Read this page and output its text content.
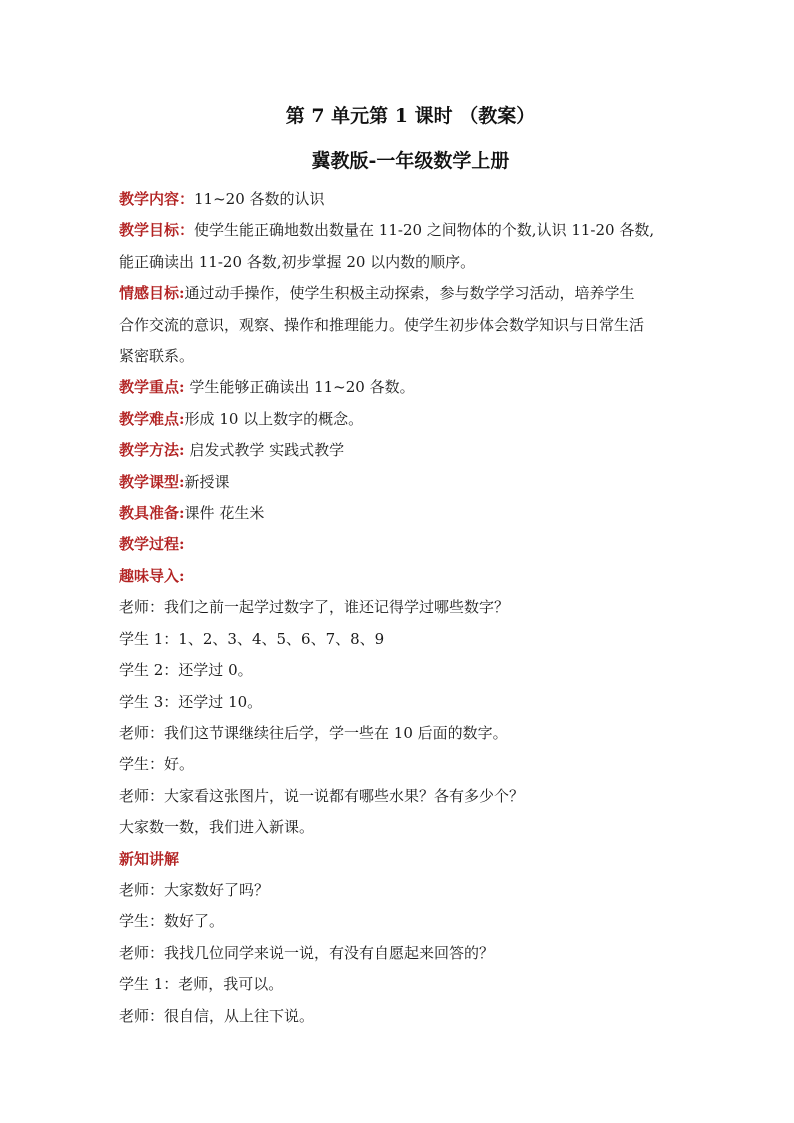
第 7 单元第 1 课时 （教案）
冀教版-一年级数学上册

教学内容：11~20 各数的认识

教学目标：使学生能正确地数出数量在 11-20 之间物体的个数,认识 11-20 各数,

能正确读出 11-20 各数,初步掌握 20 以内数的顺序。

情感目标:通过动手操作，使学生积极主动探索，参与数学学习活动，培养学生

合作交流的意识，观察、操作和推理能力。使学生初步体会数学知识与日常生活

紧密联系。

教学重点: 学生能够正确读出 11~20 各数。

教学难点:形成 10 以上数字的概念。

教学方法: 启发式教学 实践式教学

教学课型:新授课

教具准备:课件 花生米

教学过程:

趣味导入:

老师：我们之前一起学过数字了，谁还记得学过哪些数字？

学生 1：1、2、3、4、5、6、7、8、9

学生 2：还学过 0。

学生 3：还学过 10。

老师：我们这节课继续往后学，学一些在 10 后面的数字。

学生：好。

老师：大家看这张图片，说一说都有哪些水果？各有多少个？

大家数一数，我们进入新课。

新知讲解

老师：大家数好了吗？

学生：数好了。

老师：我找几位同学来说一说，有没有自愿起来回答的？

学生 1：老师，我可以。

老师：很自信，从上往下说。
